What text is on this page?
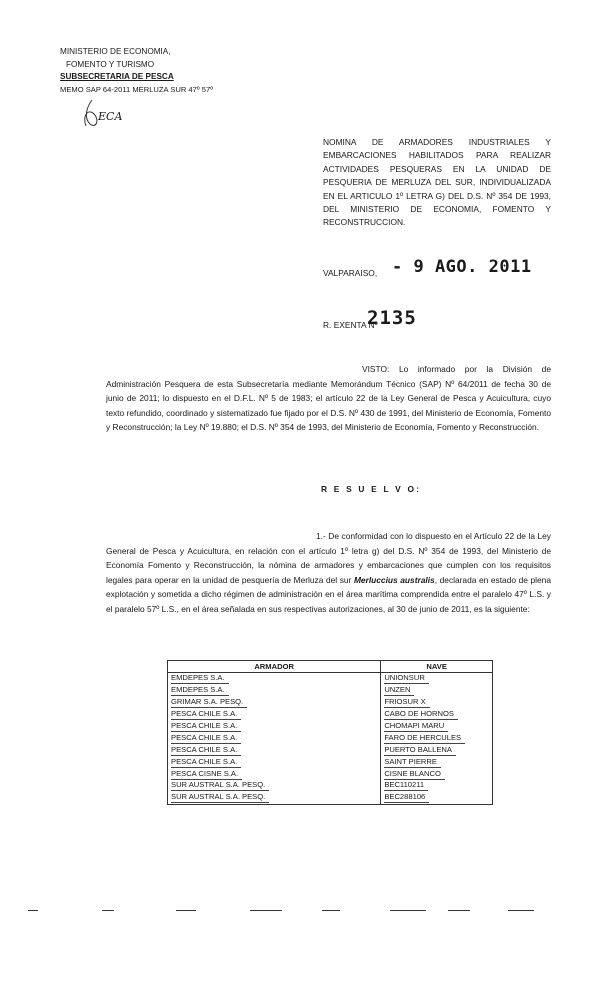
MINISTERIO DE ECONOMIA,
FOMENTO Y TURISMO
SUBSECRETARIA DE PESCA
MEMO SAP 64-2011 MERLUZA SUR 47º 57º
ECA
NOMINA DE ARMADORES INDUSTRIALES Y EMBARCACIONES HABILITADOS PARA REALIZAR ACTIVIDADES PESQUERAS EN LA UNIDAD DE PESQUERIA DE MERLUZA DEL SUR, INDIVIDUALIZADA EN EL ARTICULO 1º LETRA G) DEL D.S. Nº 354 DE 1993, DEL MINISTERIO DE ECONOMIA, FOMENTO Y RECONSTRUCCION.
VALPARAISO, - 9 AGO. 2011
R. EXENTA Nº
2135
VISTO: Lo informado por la División de Administración Pesquera de esta Subsecretaría mediante Memorándum Técnico (SAP) Nº 64/2011 de fecha 30 de junio de 2011; lo dispuesto en el D.F.L. Nº 5 de 1983; el artículo 22 de la Ley General de Pesca y Acuicultura, cuyo texto refundido, coordinado y sistematizado fue fijado por el D.S. Nº 430 de 1991, del Ministerio de Economía, Fomento y Reconstrucción; la Ley Nº 19.880; el D.S. Nº 354 de 1993, del Ministerio de Economía, Fomento y Reconstrucción.
R E S U E L V O:
1.- De conformidad con lo dispuesto en el Artículo 22 de la Ley General de Pesca y Acuicultura, en relación con el artículo 1º letra g) del D.S. Nº 354 de 1993, del Ministerio de Economía Fomento y Reconstrucción, la nómina de armadores y embarcaciones que cumplen con los requisitos legales para operar en la unidad de pesquería de Merluza del sur Merluccius australis, declarada en estado de plena explotación y sometida a dicho régimen de administración en el área marítima comprendida entre el paralelo 47º L.S. y el paralelo 57º L.S., en el área señalada en sus respectivas autorizaciones, al 30 de junio de 2011, es la siguiente:
ARMADOR	NAVE
EMDEPES S.A.	UNIONSUR
EMDEPES S.A.	UNZEN
GRIMAR S.A. PESQ.	FRIOSUR X
PESCA CHILE S.A.	CABO DE HORNOS
PESCA CHILE S.A.	CHOMAPI MARU
PESCA CHILE S.A.	FARO DE HERCULES
PESCA CHILE S.A.	PUERTO BALLENA
PESCA CHILE S.A.	SAINT PIERRE
PESCA CISNE S.A.	CISNE BLANCO
SUR AUSTRAL S.A. PESQ.	BEC110211
SUR AUSTRAL S.A. PESQ.	BEC288106
